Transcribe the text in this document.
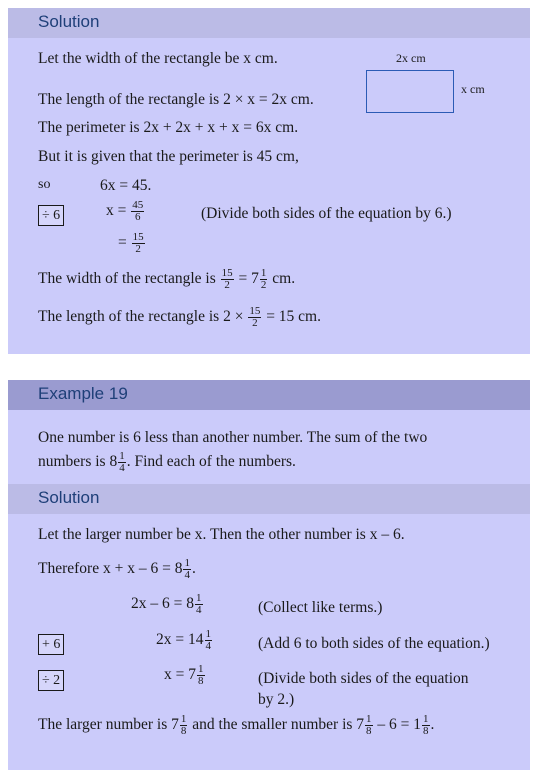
Solution
Let the width of the rectangle be x cm.	2x cm
x cm
The length of the rectangle is 2 × x = 2x cm.
The perimeter is 2x + 2x + x + x = 6x cm.
But it is given that the perimeter is 45 cm,
so	6x = 45.
÷ 6	$x = \frac{45}{6}$	(Divide both sides of the equation by 6.)
= $\frac{15}{2}$
The width of the rectangle is $\frac{15}{2} = 7 \frac{1}{2}$ cm.
The length of the rectangle is $2 \times \frac{15}{2} = 15$ cm.
Example 19
One number is 6 less than another number. The sum of the two
numbers is $8 \frac{1}{4}$ . Find each of the numbers.
Solution
Let the larger number be x. Then the other number is x – 6.
Therefore $x + x - 6 = 8 \frac{1}{4}$ .
$2x - 6 = 8 \frac{1}{4}$	(Collect like terms.)
+ 6	$2x = 14 \frac{1}{4}$	(Add 6 to both sides of the equation.)
÷ 2	$x = 7 \frac{1}{8}$	(Divide both sides of the equation
by 2.)
The larger number is $7 \frac{1}{8}$ and the smaller number is $7 \frac{1}{8} - 6 = 1 \frac{1}{8}$ .
